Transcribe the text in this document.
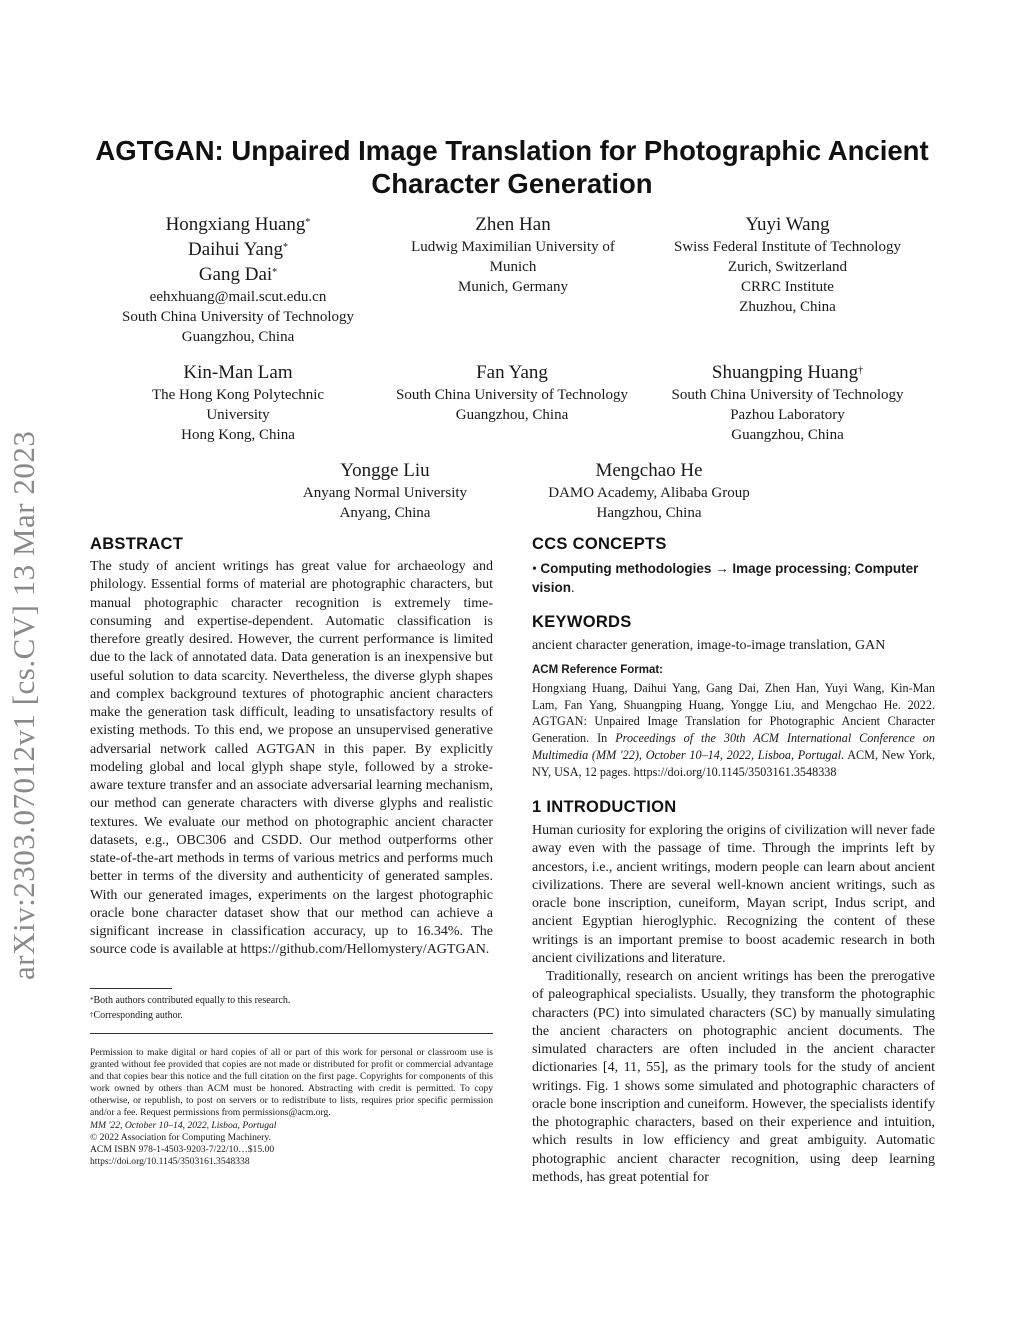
arXiv:2303.07012v1 [cs.CV] 13 Mar 2023
AGTGAN: Unpaired Image Translation for Photographic Ancient
Character Generation
Hongxiang Huang*
Daihui Yang*
Gang Dai*
eehxhuang@mail.scut.edu.cn
South China University of Technology
Guangzhou, China
Zhen Han
Ludwig Maximilian University of
Munich
Munich, Germany
Yuyi Wang
Swiss Federal Institute of Technology
Zurich, Switzerland
CRRC Institute
Zhuzhou, China
Kin-Man Lam
The Hong Kong Polytechnic
University
Hong Kong, China
Fan Yang
South China University of Technology
Guangzhou, China
Shuangping Huang†
South China University of Technology
Pazhou Laboratory
Guangzhou, China
Yongge Liu
Anyang Normal University
Anyang, China
Mengchao He
DAMO Academy, Alibaba Group
Hangzhou, China
ABSTRACT

The study of ancient writings has great value for archaeology and philology. Essential forms of material are photographic characters, but manual photographic character recognition is extremely time-consuming and expertise-dependent. Automatic classification is therefore greatly desired. However, the current performance is limited due to the lack of annotated data. Data generation is an inexpensive but useful solution to data scarcity. Nevertheless, the diverse glyph shapes and complex background textures of photographic ancient characters make the generation task difficult, leading to unsatisfactory results of existing methods. To this end, we propose an unsupervised generative adversarial network called AGTGAN in this paper. By explicitly modeling global and local glyph shape style, followed by a stroke-aware texture transfer and an associate adversarial learning mechanism, our method can generate characters with diverse glyphs and realistic textures. We evaluate our method on photographic ancient character datasets, e.g., OBC306 and CSDD. Our method outperforms other state-of-the-art methods in terms of various metrics and performs much better in terms of the diversity and authenticity of generated samples. With our generated images, experiments on the largest photographic oracle bone character dataset show that our method can achieve a significant increase in classification accuracy, up to 16.34%. The source code is available at https://github.com/Hellomystery/AGTGAN.

*Both authors contributed equally to this research.
†Corresponding author.

Permission to make digital or hard copies of all or part of this work for personal or classroom use is granted without fee provided that copies are not made or distributed for profit or commercial advantage and that copies bear this notice and the full citation on the first page. Copyrights for components of this work owned by others than ACM must be honored. Abstracting with credit is permitted. To copy otherwise, or republish, to post on servers or to redistribute to lists, requires prior specific permission and/or a fee. Request permissions from permissions@acm.org.

MM '22, October 10–14, 2022, Lisboa, Portugal

© 2022 Association for Computing Machinery.

ACM ISBN 978-1-4503-9203-7/22/10…$15.00

https://doi.org/10.1145/3503161.3548338

CCS CONCEPTS
• Computing methodologies → Image processing; Computer vision.
KEYWORDS
ancient character generation, image-to-image translation, GAN
ACM Reference Format:
Hongxiang Huang, Daihui Yang, Gang Dai, Zhen Han, Yuyi Wang, Kin-Man Lam, Fan Yang, Shuangping Huang, Yongge Liu, and Mengchao He. 2022. AGTGAN: Unpaired Image Translation for Photographic Ancient Character Generation. In Proceedings of the 30th ACM International Conference on Multimedia (MM '22), October 10–14, 2022, Lisboa, Portugal. ACM, New York, NY, USA, 12 pages. https://doi.org/10.1145/3503161.3548338
1 INTRODUCTION

Human curiosity for exploring the origins of civilization will never fade away even with the passage of time. Through the imprints left by ancestors, i.e., ancient writings, modern people can learn about ancient civilizations. There are several well-known ancient writings, such as oracle bone inscription, cuneiform, Mayan script, Indus script, and ancient Egyptian hieroglyphic. Recognizing the content of these writings is an important premise to boost academic research in both ancient civilizations and literature.

Traditionally, research on ancient writings has been the prerogative of paleographical specialists. Usually, they transform the photographic characters (PC) into simulated characters (SC) by manually simulating the ancient characters on photographic ancient documents. The simulated characters are often included in the ancient character dictionaries [4, 11, 55], as the primary tools for the study of ancient writings. Fig. 1 shows some simulated and photographic characters of oracle bone inscription and cuneiform. However, the specialists identify the photographic characters, based on their experience and intuition, which results in low efficiency and great ambiguity. Automatic photographic ancient character recognition, using deep learning methods, has great potential for
